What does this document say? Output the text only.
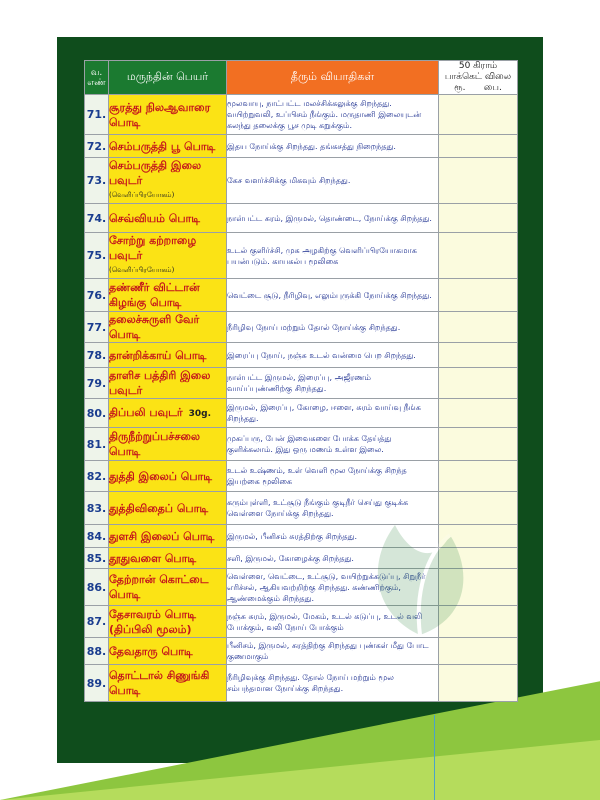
வ. எண்	மருந்தின் பெயர்	தீரும் வியாதிகள்	50 கிராம்
பாக்கெட் விலை
ரூ. பை.

71.	சூரத்து நிலஆவாரை பொடி	மூலவாயு, நாட்பட்ட மலச்சிக்கலுக்கு சிறந்தது. வயிற்றுவலி, உப்பிசம் நீங்கும். மருதாணி இலையுடன் கலந்து தலைக்கு பூச முடி கறுக்கும்.	
72.	செம்பருத்தி பூ பொடி	இதய நோய்க்கு சிறந்தது. தங்கசத்து நிறைந்தது.	
73.	செம்பருத்தி இலை பவுடர்
(வெளிப்பிரயோகம்)	கேச வளர்ச்சிக்கு மிகவும் சிறந்தது.	
74.	செவ்வியம் பொடி	நாள்பட்ட சுரம், இருமல், தொண்டை, நோய்க்கு சிறந்தது.	
75.	சோற்று கற்றாழை பவுடர்
(வெளிப்பிரயோகம்)	உடல் குளிர்ச்சி, முக அழகிற்கு வெளிப்பிரயோகமாக பயன்படும். காயகல்ப மூலிகை	
76.	தண்ணீர் விட்டான் கிழங்கு பொடி	வெட்டை சூடு, நீரிழிவு, எலும்புருக்கி நோய்க்கு சிறந்தது.	
77.	தலைச்சுருளி வேர் பொடி	நீரிழிவு நோய் மற்றும் தோல் நோய்க்கு சிறந்தது.	
78.	தான்றிக்காய் பொடி	இரைப்பு நோய், நஞ்சு உடல் வன்மை பெற சிறந்தது.	
79.	தாளிச பத்திரி இலை பவுடர்	நாள்பட்ட இருமல், இரைப்பு, அஜீரணம் வாய்ப்புண்ணிற்கு சிறந்தது.	
80.	திப்பலி பவுடர் 30g.	இருமல், இரைப்பு, கோழை, ஈளை, சுரம் வாய்வு நீங்க சிறந்தது.	
81.	திருநீற்றுப்பச்சலை பொடி	முகப்பரு, பேன் இவைகளை போக்க தேய்த்து குளிக்கலாம். இது ஒரு மணம் உள்ள இலை.	
82.	துத்தி இலைப் பொடி	உடல் உஷ்ணம், உள் வெளி மூல நோய்க்கு சிறந்த இயற்கை மூலிகை	
83.	துத்திவிதைப் பொடி	கரும்புள்ளி, உட்சூடு நீங்கும் குடிநீர் செய்து குடிக்க வெள்ளை நோய்க்கு சிறந்தது.	
84.	துளசி இலைப் பொடி	இருமல், பீனிசம் சுரத்திற்கு சிறந்தது.	
85.	தூதுவளை பொடி	சளி, இருமல், கோழைக்கு சிறந்தது.	
86.	தேற்றான் கொட்டை பொடி	வெள்ளை, வெட்டை, உட்சூடு, வயிற்றுக்கடுப்பு, சிறுநீர் எரிச்சல், ஆகியவற்றிற்கு சிறந்தது. கண்ணிற்கும், ஆண்மைக்கும் சிறந்தது.	
87.	தேசாவரம் பொடி
(திப்பிலி மூலம்)	நஞ்சு சுரம், இருமல், மேகம், உடல் கடுப்பு, உடல் வலி போக்கும், வலி நோய் போக்கும்	
88.	தேவதாரு பொடி	பீனிசம், இருமல், சுரத்திற்கு சிறந்தது புண்கள் மீது போட குணமாகும்	
89.	தொட்டால் சிணுங்கி பொடி	நீரிழிவுக்கு சிறந்தது. தோல் நோய் மற்றும் மூல சம்பந்தமான நோய்க்கு சிறந்தது.	
